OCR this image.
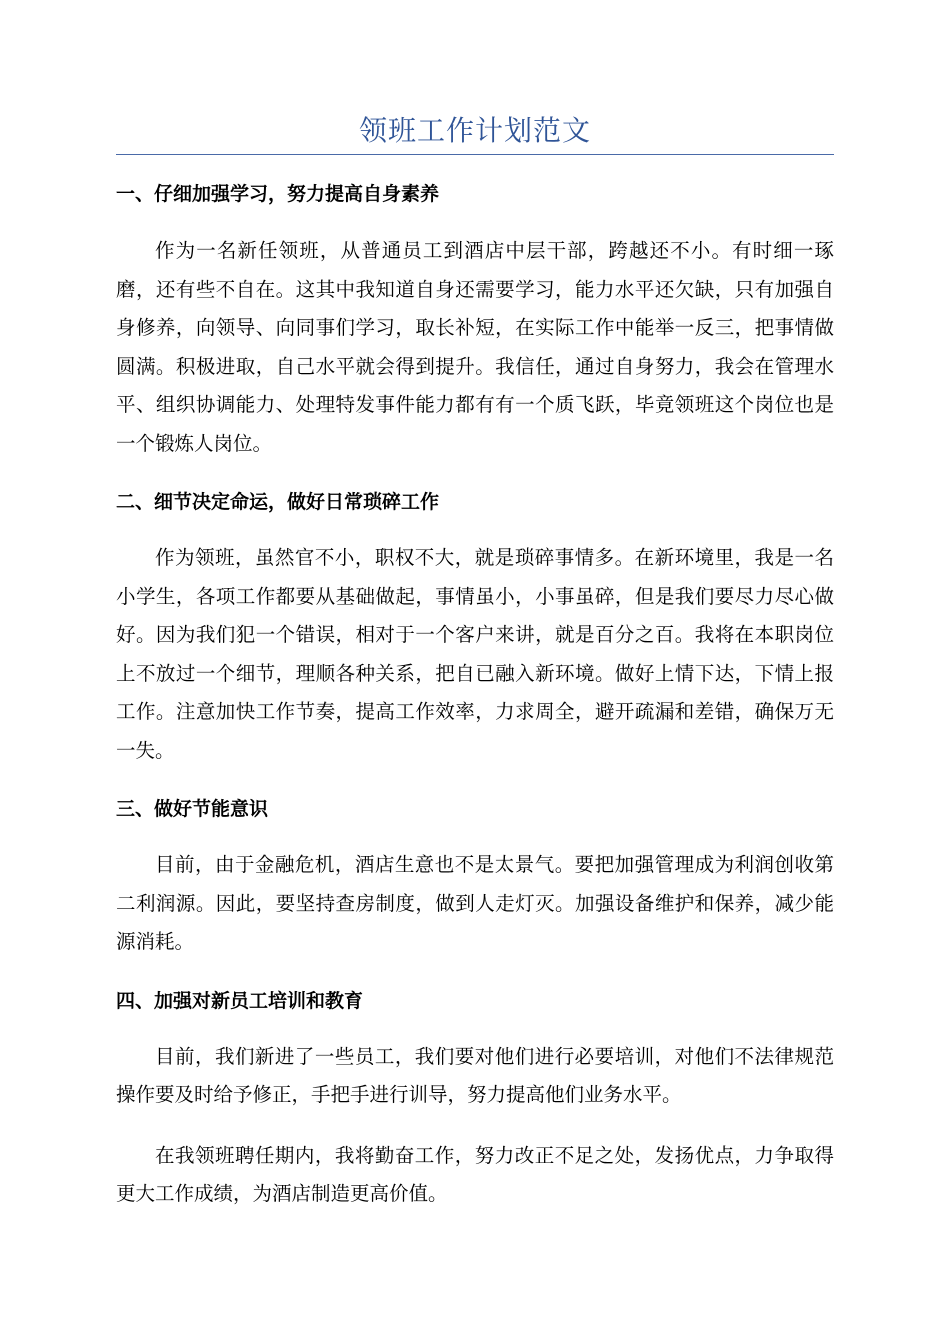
领班工作计划范文
一、仔细加强学习，努力提高自身素养

作为一名新任领班，从普通员工到酒店中层干部，跨越还不小。有时细一琢磨，还有些不自在。这其中我知道自身还需要学习，能力水平还欠缺，只有加强自身修养，向领导、向同事们学习，取长补短，在实际工作中能举一反三，把事情做圆满。积极进取，自己水平就会得到提升。我信任，通过自身努力，我会在管理水平、组织协调能力、处理特发事件能力都有有一个质飞跃，毕竟领班这个岗位也是一个锻炼人岗位。

二、细节决定命运，做好日常琐碎工作

作为领班，虽然官不小，职权不大，就是琐碎事情多。在新环境里，我是一名小学生，各项工作都要从基础做起，事情虽小，小事虽碎，但是我们要尽力尽心做好。因为我们犯一个错误，相对于一个客户来讲，就是百分之百。我将在本职岗位上不放过一个细节，理顺各种关系，把自已融入新环境。做好上情下达，下情上报工作。注意加快工作节奏，提高工作效率，力求周全，避开疏漏和差错，确保万无一失。

三、做好节能意识

目前，由于金融危机，酒店生意也不是太景气。要把加强管理成为利润创收第二利润源。因此，要坚持查房制度，做到人走灯灭。加强设备维护和保养，减少能源消耗。

四、加强对新员工培训和教育

目前，我们新进了一些员工，我们要对他们进行必要培训，对他们不法律规范操作要及时给予修正，手把手进行训导，努力提高他们业务水平。

在我领班聘任期内，我将勤奋工作，努力改正不足之处，发扬优点，力争取得更大工作成绩，为酒店制造更高价值。
